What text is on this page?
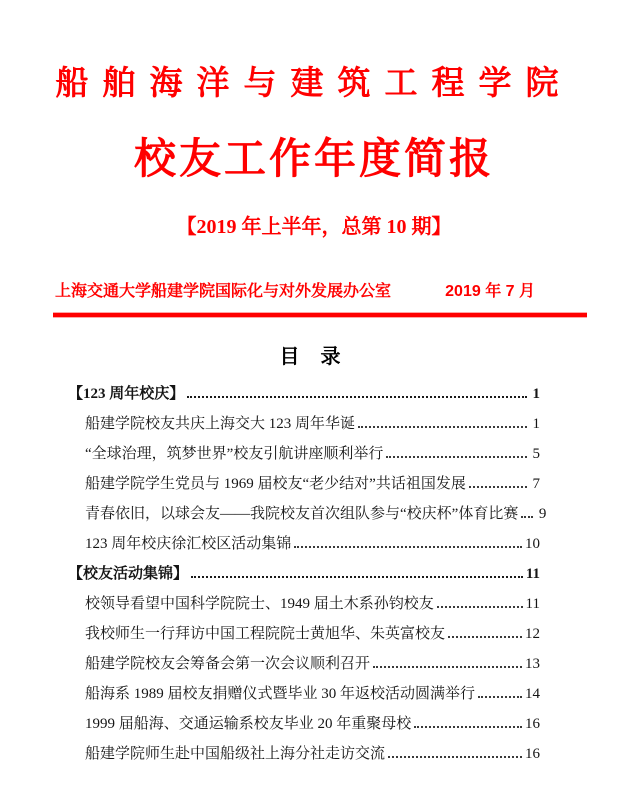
船舶海洋与建筑工程学院
校友工作年度简报
【2019 年上半年，总第 10 期】
上海交通大学船建学院国际化与对外发展办公室	2019 年 7 月
目 录
【123 周年校庆】	1
船建学院校友共庆上海交大 123 周年华诞	1
“全球治理，筑梦世界”校友引航讲座顺利举行	5
船建学院学生党员与 1969 届校友“老少结对”共话祖国发展	7
青春依旧，以球会友——我院校友首次组队参与“校庆杯”体育比赛 9
123 周年校庆徐汇校区活动集锦	10
【校友活动集锦】	11
校领导看望中国科学院院士、1949 届土木系孙钧校友	11
我校师生一行拜访中国工程院院士黄旭华、朱英富校友	12
船建学院校友会筹备会第一次会议顺利召开	13
船海系 1989 届校友捐赠仪式暨毕业 30 年返校活动圆满举行	14
1999 届船海、交通运输系校友毕业 20 年重聚母校	16
船建学院师生赴中国船级社上海分社走访交流	16
